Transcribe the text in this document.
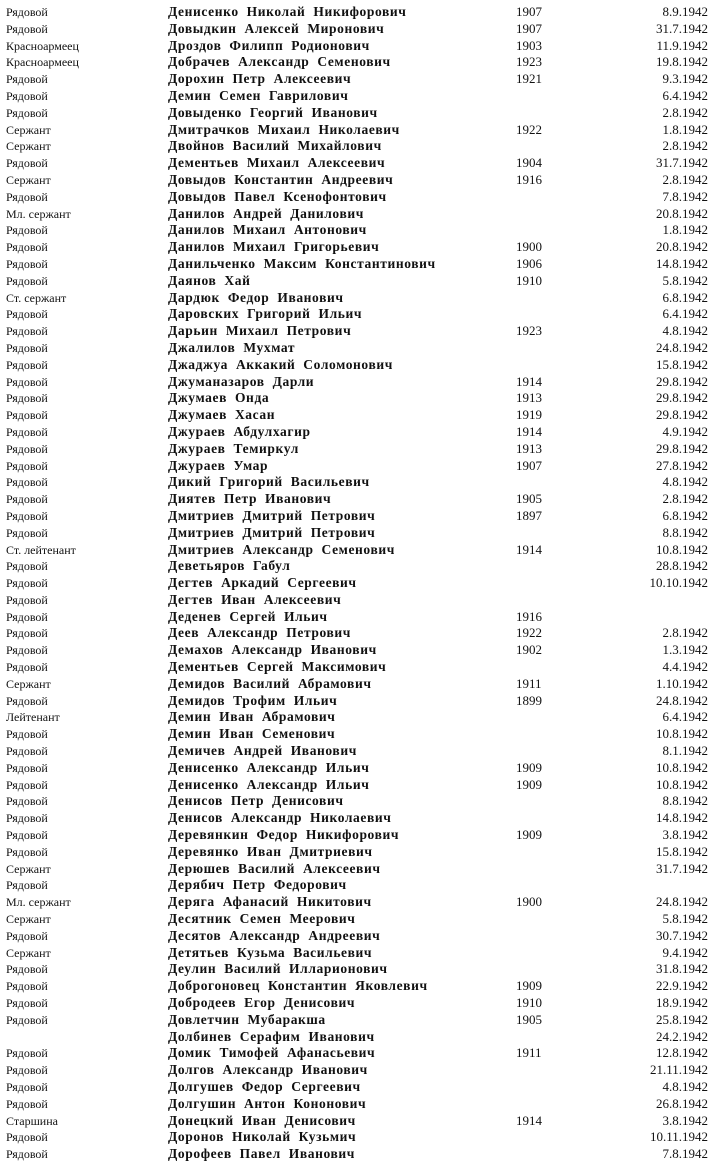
Рядовой	Денисенко Николай Никифорович	1907	8.9.1942
Рядовой	Довыдкин Алексей Миронович	1907	31.7.1942
Красноармеец	Дроздов Филипп Родионович	1903	11.9.1942
Красноармеец	Добрачев Александр Семенович	1923	19.8.1942
Рядовой	Дорохин Петр Алексеевич	1921	9.3.1942
Рядовой	Демин Семен Гаврилович	6.4.1942
Рядовой	Довыденко Георгий Иванович	2.8.1942
Сержант	Дмитрачков Михаил Николаевич	1922	1.8.1942
Сержант	Двойнов Василий Михайлович	2.8.1942
Рядовой	Дементьев Михаил Алексеевич	1904	31.7.1942
Сержант	Довыдов Константин Андреевич	1916	2.8.1942
Рядовой	Довыдов Павел Ксенофонтович	7.8.1942
Мл. сержант	Данилов Андрей Данилович	20.8.1942
Рядовой	Данилов Михаил Антонович	1.8.1942
Рядовой	Данилов Михаил Григорьевич	1900	20.8.1942
Рядовой	Данильченко Максим Константинович	1906	14.8.1942
Рядовой	Даянов Хай	1910	5.8.1942
Ст. сержант	Дардюк Федор Иванович	6.8.1942
Рядовой	Даровских Григорий Ильич	6.4.1942
Рядовой	Дарьин Михаил Петрович	1923	4.8.1942
Рядовой	Джалилов Мухмат	24.8.1942
Рядовой	Джаджуа Аккакий Соломонович	15.8.1942
Рядовой	Джуманазаров Дарли	1914	29.8.1942
Рядовой	Джумаев Онда	1913	29.8.1942
Рядовой	Джумаев Хасан	1919	29.8.1942
Рядовой	Джураев Абдулхагир	1914	4.9.1942
Рядовой	Джураев Темиркул	1913	29.8.1942
Рядовой	Джураев Умар	1907	27.8.1942
Рядовой	Дикий Григорий Васильевич	4.8.1942
Рядовой	Диятев Петр Иванович	1905	2.8.1942
Рядовой	Дмитриев Дмитрий Петрович	1897	6.8.1942
Рядовой	Дмитриев Дмитрий Петрович	8.8.1942
Ст. лейтенант	Дмитриев Александр Семенович	1914	10.8.1942
Рядовой	Деветьяров Габул	28.8.1942
Рядовой	Дегтев Аркадий Сергеевич	10.10.1942
Рядовой	Дегтев Иван Алексеевич
Рядовой	Деденев Сергей Ильич	1916
Рядовой	Деев Александр Петрович	1922	2.8.1942
Рядовой	Демахов Александр Иванович	1902	1.3.1942
Рядовой	Дементьев Сергей Максимович	4.4.1942
Сержант	Демидов Василий Абрамович	1911	1.10.1942
Рядовой	Демидов Трофим Ильич	1899	24.8.1942
Лейтенант	Демин Иван Абрамович	6.4.1942
Рядовой	Демин Иван Семенович	10.8.1942
Рядовой	Демичев Андрей Иванович	8.1.1942
Рядовой	Денисенко Александр Ильич	1909	10.8.1942
Рядовой	Денисенко Александр Ильич	1909	10.8.1942
Рядовой	Денисов Петр Денисович	8.8.1942
Рядовой	Денисов Александр Николаевич	14.8.1942
Рядовой	Деревянкин Федор Никифорович	1909	3.8.1942
Рядовой	Деревянко Иван Дмитриевич	15.8.1942
Сержант	Дерюшев Василий Алексеевич	31.7.1942
Рядовой	Дерябич Петр Федорович
Мл. сержант	Деряга Афанасий Никитович	1900	24.8.1942
Сержант	Десятник Семен Меерович	5.8.1942
Рядовой	Десятов Александр Андреевич	30.7.1942
Сержант	Детятьев Кузьма Васильевич	9.4.1942
Рядовой	Деулин Василий Илларионович	31.8.1942
Рядовой	Доброгоновец Константин Яковлевич	1909	22.9.1942
Рядовой	Добродеев Егор Денисович	1910	18.9.1942
Рядовой	Довлетчин Мубаракша	1905	25.8.1942
Долбинев Серафим Иванович	24.2.1942
Рядовой	Домик Тимофей Афанасьевич	1911	12.8.1942
Рядовой	Долгов Александр Иванович	21.11.1942
Рядовой	Долгушев Федор Сергеевич	4.8.1942
Рядовой	Долгушин Антон Кононович	26.8.1942
Старшина	Донецкий Иван Денисович	1914	3.8.1942
Рядовой	Доронов Николай Кузьмич	10.11.1942
Рядовой	Дорофеев Павел Иванович	7.8.1942
